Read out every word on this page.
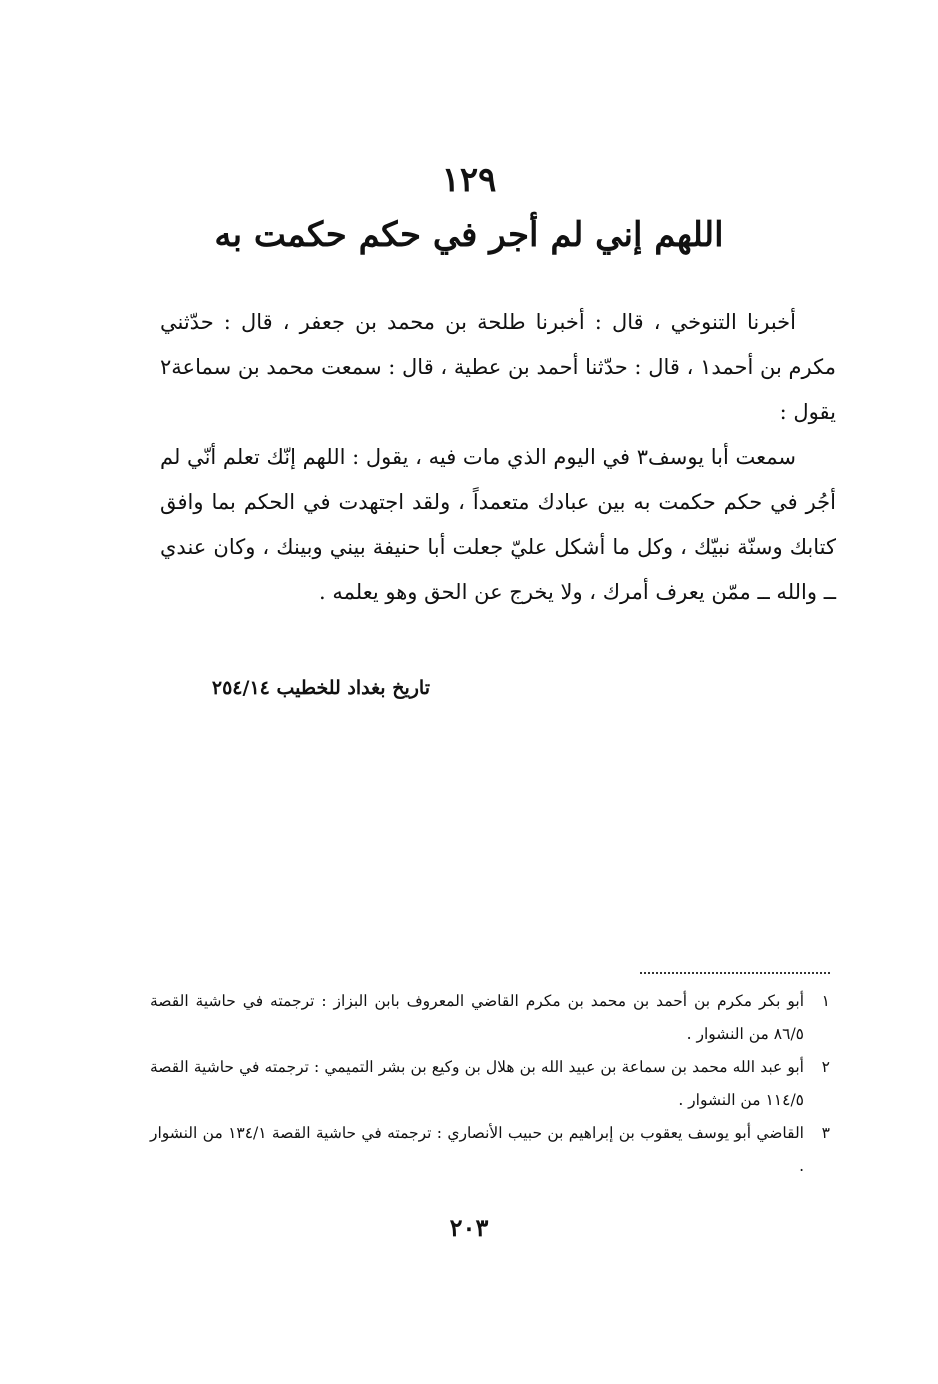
١٢٩
اللهم إني لم أجر في حكم حكمت به

أخبرنا التنوخي ، قال : أخبرنا طلحة بن محمد بن جعفر ، قال : حدّثني مكرم بن أحمد١ ، قال : حدّثنا أحمد بن عطية ، قال : سمعت محمد بن سماعة٢ يقول :

سمعت أبا يوسف٣ في اليوم الذي مات فيه ، يقول : اللهم إنّك تعلم أنّي لم أجُر في حكم حكمت به بين عبادك متعمداً ، ولقد اجتهدت في الحكم بما وافق كتابك وسنّة نبيّك ، وكل ما أشكل عليّ جعلت أبا حنيفة بيني وبينك ، وكان عندي ــ والله ــ ممّن يعرف أمرك ، ولا يخرج عن الحق وهو يعلمه .

تاريخ بغداد للخطيب ٢٥٤/١٤
١
أبو بكر مكرم بن أحمد بن محمد بن مكرم القاضي المعروف بابن البزاز : ترجمته في حاشية القصة ٨٦/٥ من النشوار .
٢
أبو عبد الله محمد بن سماعة بن عبيد الله بن هلال بن وكيع بن بشر التميمي : ترجمته في حاشية القصة ١١٤/٥ من النشوار .
٣
القاضي أبو يوسف يعقوب بن إبراهيم بن حبيب الأنصاري : ترجمته في حاشية القصة ١٣٤/١ من النشوار .
٢٠٣
